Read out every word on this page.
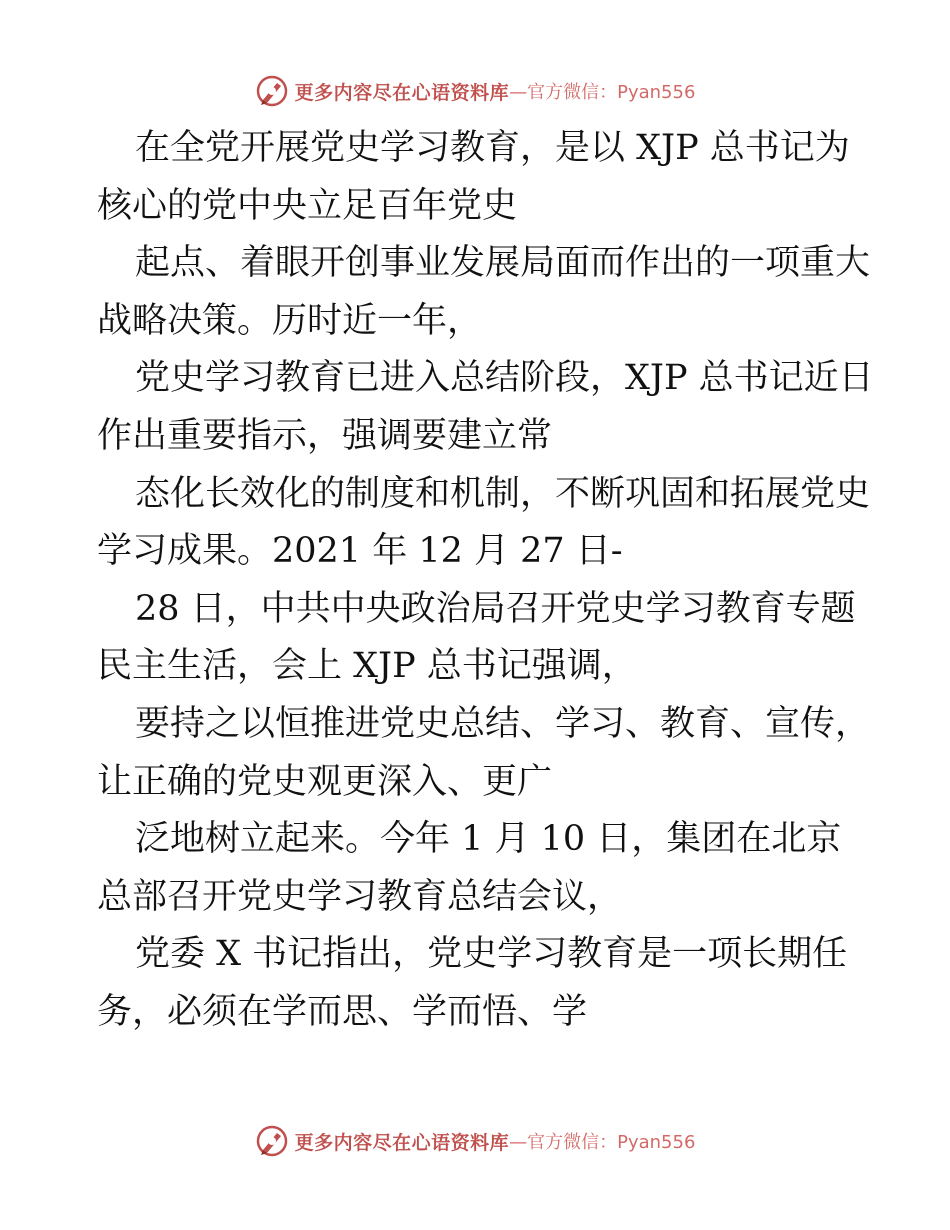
更多内容尽在心语资料库 —官方微信：Pyan556

在全党开展党史学习教育，是以 XJP 总书记为
核心的党中央立足百年党史

起点、着眼开创事业发展局面而作出的一项重大
战略决策。历时近一年，

党史学习教育已进入总结阶段，XJP 总书记近日
作出重要指示，强调要建立常

态化长效化的制度和机制，不断巩固和拓展党史
学习成果。2021 年 12 月 27 日-

28 日，中共中央政治局召开党史学习教育专题
民主生活，会上 XJP 总书记强调，

要持之以恒推进党史总结、学习、教育、宣传，
让正确的党史观更深入、更广

泛地树立起来。今年 1 月 10 日，集团在北京
总部召开党史学习教育总结会议，

党委 X 书记指出，党史学习教育是一项长期任
务，必须在学而思、学而悟、学

更多内容尽在心语资料库 —官方微信：Pyan556
